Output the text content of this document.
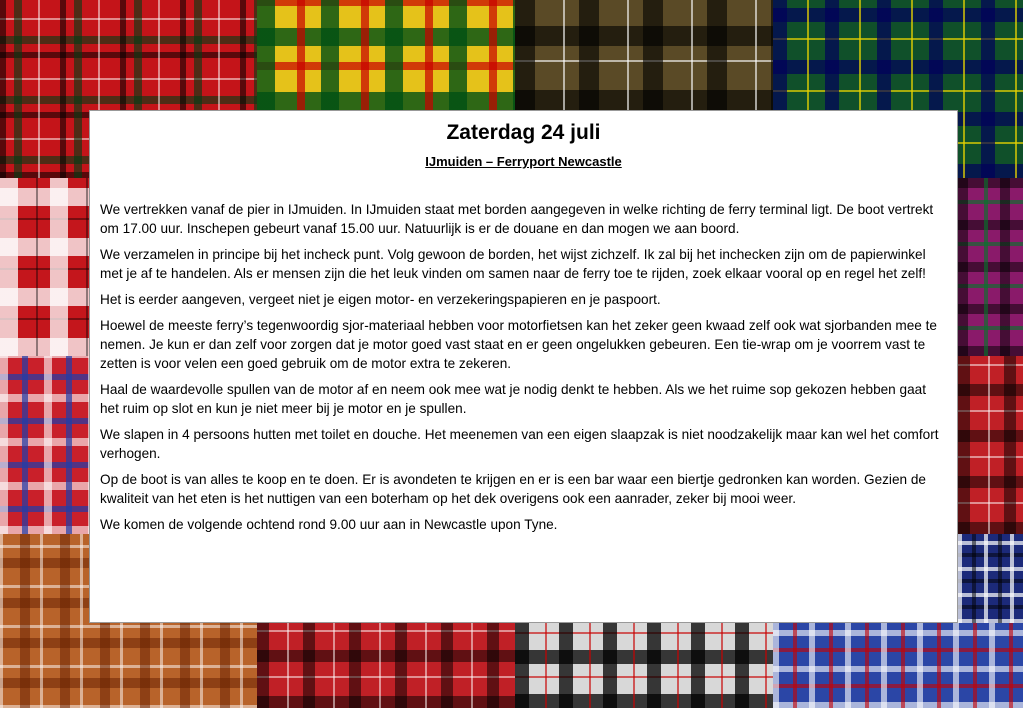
Zaterdag 24 juli

IJmuiden – Ferryport Newcastle

We vertrekken vanaf de pier in IJmuiden. In IJmuiden staat met borden aangegeven in welke richting de ferry terminal ligt. De boot vertrekt om 17.00 uur. Inschepen gebeurt vanaf 15.00 uur. Natuurlijk is er de douane en dan mogen we aan boord.

We verzamelen in principe bij het incheck punt. Volg gewoon de borden, het wijst zichzelf. Ik zal bij het inchecken zijn om de papierwinkel met je af te handelen. Als er mensen zijn die het leuk vinden om samen naar de ferry toe te rijden, zoek elkaar vooral op en regel het zelf!

Het is eerder aangeven, vergeet niet je eigen motor- en verzekeringspapieren en je paspoort.

Hoewel de meeste ferry’s tegenwoordig sjor-materiaal hebben voor motorfietsen kan het zeker geen kwaad zelf ook wat sjorbanden mee te nemen. Je kun er dan zelf voor zorgen dat je motor goed vast staat en er geen ongelukken gebeuren. Een tie-wrap om je voorrem vast te zetten is voor velen een goed gebruik om de motor extra te zekeren.

Haal de waardevolle spullen van de motor af en neem ook mee wat je nodig denkt te hebben. Als we het ruime sop gekozen hebben gaat het ruim op slot en kun je niet meer bij je motor en je spullen.

We slapen in 4 persoons hutten met toilet en douche. Het meenemen van een eigen slaapzak is niet noodzakelijk maar kan wel het comfort verhogen.

Op de boot is van alles te koop en te doen. Er is avondeten te krijgen en er is een bar waar een biertje gedronken kan worden. Gezien de kwaliteit van het eten is het nuttigen van een boterham op het dek overigens ook een aanrader, zeker bij mooi weer.

We komen de volgende ochtend rond 9.00 uur aan in Newcastle upon Tyne.
